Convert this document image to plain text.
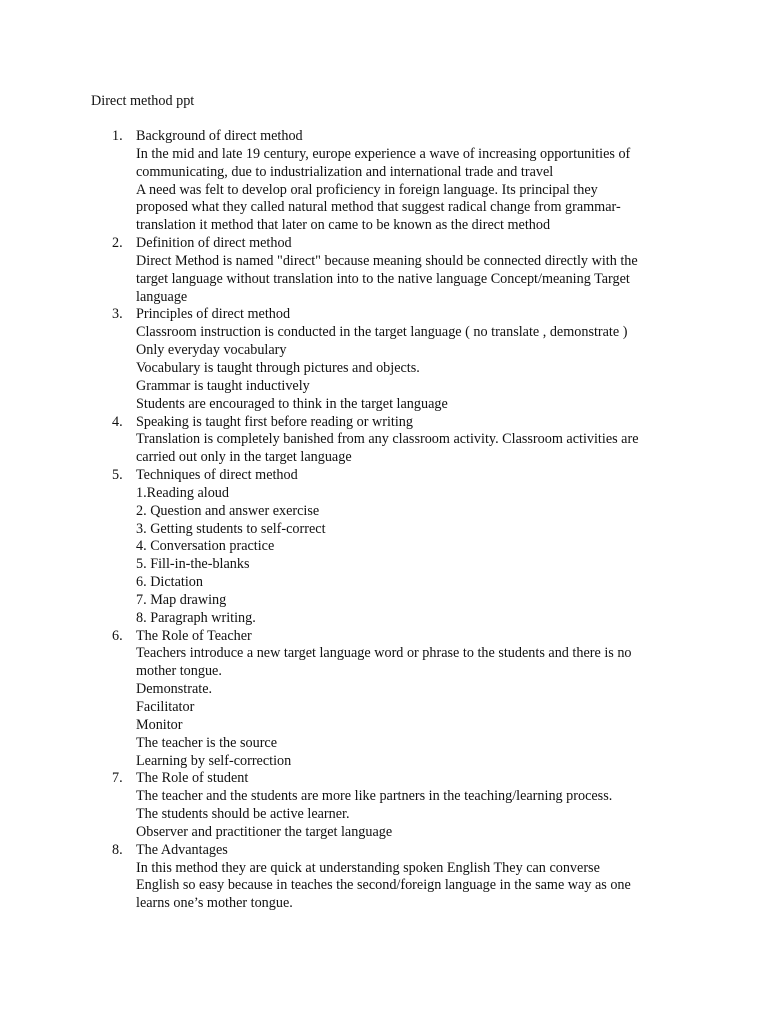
Direct method ppt
1. Background of direct method
In the mid and late 19 century, europe experience a wave of increasing opportunities of
communicating, due to industrialization and international trade and travel
A need was felt to develop oral proficiency in foreign language. Its principal they
proposed what they called natural method that suggest radical change from grammar-
translation it method that later on came to be known as the direct method
2. Definition of direct method
Direct Method is named "direct" because meaning should be connected directly with the
target language without translation into to the native language Concept/meaning Target
language
3. Principles of direct method
Classroom instruction is conducted in the target language ( no translate , demonstrate )
Only everyday vocabulary
Vocabulary is taught through pictures and objects.
Grammar is taught inductively
Students are encouraged to think in the target language
4. Speaking is taught first before reading or writing
Translation is completely banished from any classroom activity. Classroom activities are
carried out only in the target language
5. Techniques of direct method
1.Reading aloud
2. Question and answer exercise
3. Getting students to self-correct
4. Conversation practice
5. Fill-in-the-blanks
6. Dictation
7. Map drawing
8. Paragraph writing.
6. The Role of Teacher
Teachers introduce a new target language word or phrase to the students and there is no
mother tongue.
Demonstrate.
Facilitator
Monitor
The teacher is the source
Learning by self-correction
7. The Role of student
The teacher and the students are more like partners in the teaching/learning process.
The students should be active learner.
Observer and practitioner the target language
8. The Advantages
In this method they are quick at understanding spoken English They can converse
English so easy because in teaches the second/foreign language in the same way as one
learns one’s mother tongue.
